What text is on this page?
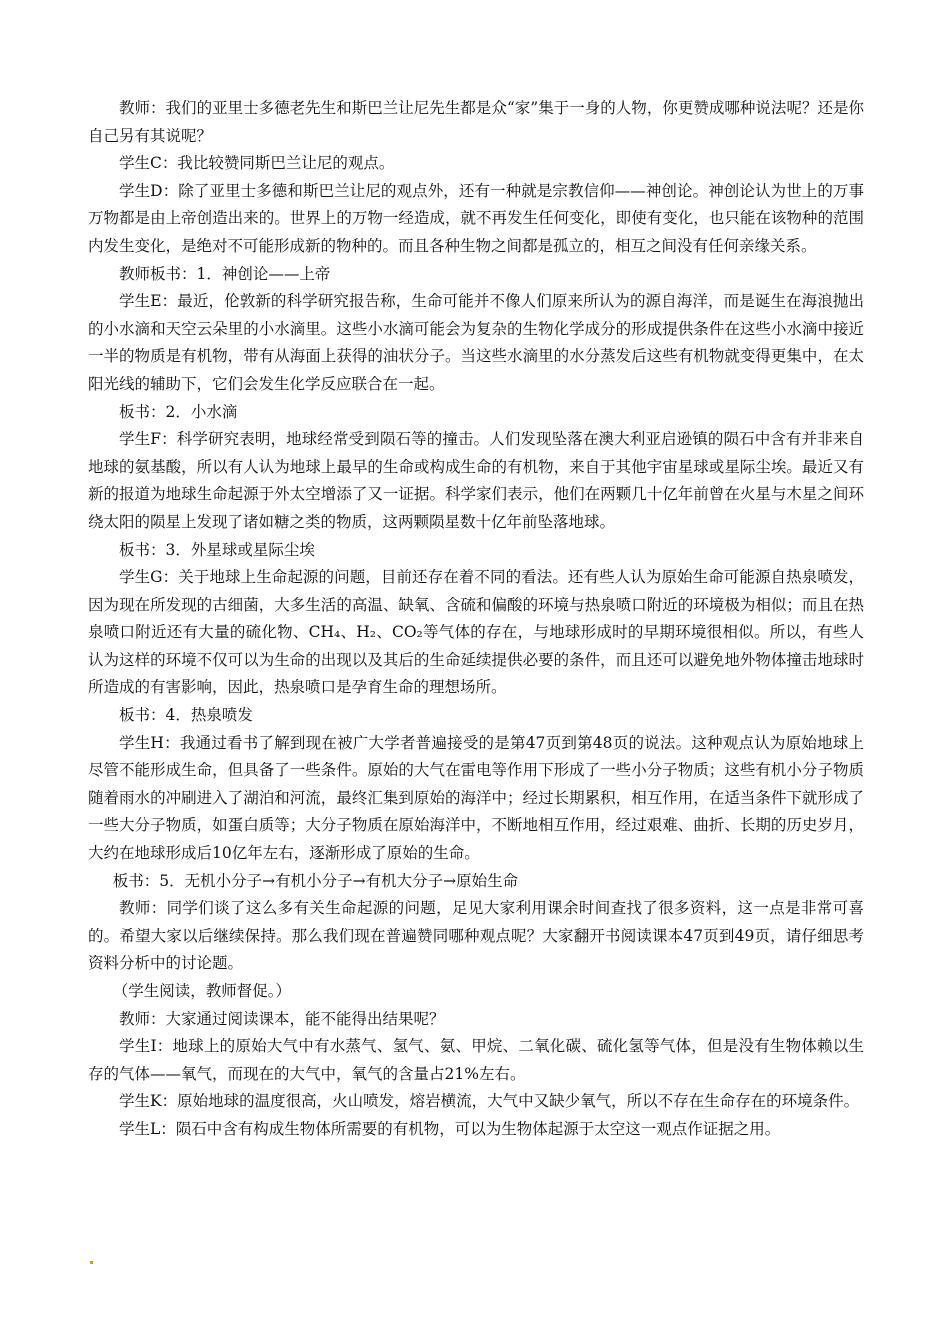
教师：我们的亚里士多德老先生和斯巴兰让尼先生都是众“家”集于一身的人物，你更赞成哪种说法呢？还是你自己另有其说呢？

学生C：我比较赞同斯巴兰让尼的观点。

学生D：除了亚里士多德和斯巴兰让尼的观点外，还有一种就是宗教信仰——神创论。神创论认为世上的万事万物都是由上帝创造出来的。世界上的万物一经造成，就不再发生任何变化，即使有变化，也只能在该物种的范围内发生变化，是绝对不可能形成新的物种的。而且各种生物之间都是孤立的，相互之间没有任何亲缘关系。

教师板书：1．神创论——上帝

学生E：最近，伦敦新的科学研究报告称，生命可能并不像人们原来所认为的源自海洋，而是诞生在海浪抛出的小水滴和天空云朵里的小水滴里。这些小水滴可能会为复杂的生物化学成分的形成提供条件在这些小水滴中接近一半的物质是有机物，带有从海面上获得的油状分子。当这些水滴里的水分蒸发后这些有机物就变得更集中，在太阳光线的辅助下，它们会发生化学反应联合在一起。

板书：2．小水滴

学生F：科学研究表明，地球经常受到陨石等的撞击。人们发现坠落在澳大利亚启逊镇的陨石中含有并非来自地球的氨基酸，所以有人认为地球上最早的生命或构成生命的有机物，来自于其他宇宙星球或星际尘埃。最近又有新的报道为地球生命起源于外太空增添了又一证据。科学家们表示，他们在两颗几十亿年前曾在火星与木星之间环绕太阳的陨星上发现了诸如糖之类的物质，这两颗陨星数十亿年前坠落地球。

板书：3．外星球或星际尘埃

学生G：关于地球上生命起源的问题，目前还存在着不同的看法。还有些人认为原始生命可能源自热泉喷发，因为现在所发现的古细菌，大多生活的高温、缺氧、含硫和偏酸的环境与热泉喷口附近的环境极为相似；而且在热泉喷口附近还有大量的硫化物、CH₄、H₂、CO₂等气体的存在，与地球形成时的早期环境很相似。所以，有些人认为这样的环境不仅可以为生命的出现以及其后的生命延续提供必要的条件，而且还可以避免地外物体撞击地球时所造成的有害影响，因此，热泉喷口是孕育生命的理想场所。

板书：4．热泉喷发

学生H：我通过看书了解到现在被广大学者普遍接受的是第47页到第48页的说法。这种观点认为原始地球上尽管不能形成生命，但具备了一些条件。原始的大气在雷电等作用下形成了一些小分子物质；这些有机小分子物质随着雨水的冲刷进入了湖泊和河流，最终汇集到原始的海洋中；经过长期累积，相互作用，在适当条件下就形成了一些大分子物质，如蛋白质等；大分子物质在原始海洋中，不断地相互作用，经过艰难、曲折、长期的历史岁月，大约在地球形成后10亿年左右，逐渐形成了原始的生命。

板书：5．无机小分子→有机小分子→有机大分子→原始生命

教师：同学们谈了这么多有关生命起源的问题，足见大家利用课余时间查找了很多资料，这一点是非常可喜的。希望大家以后继续保持。那么我们现在普遍赞同哪种观点呢？大家翻开书阅读课本47页到49页，请仔细思考资料分析中的讨论题。

（学生阅读，教师督促。）

教师：大家通过阅读课本，能不能得出结果呢？

学生I：地球上的原始大气中有水蒸气、氢气、氨、甲烷、二氧化碳、硫化氢等气体，但是没有生物体赖以生存的气体——氧气，而现在的大气中，氧气的含量占21%左右。

学生K：原始地球的温度很高，火山喷发，熔岩横流，大气中又缺少氧气，所以不存在生命存在的环境条件。

学生L：陨石中含有构成生物体所需要的有机物，可以为生物体起源于太空这一观点作证据之用。
